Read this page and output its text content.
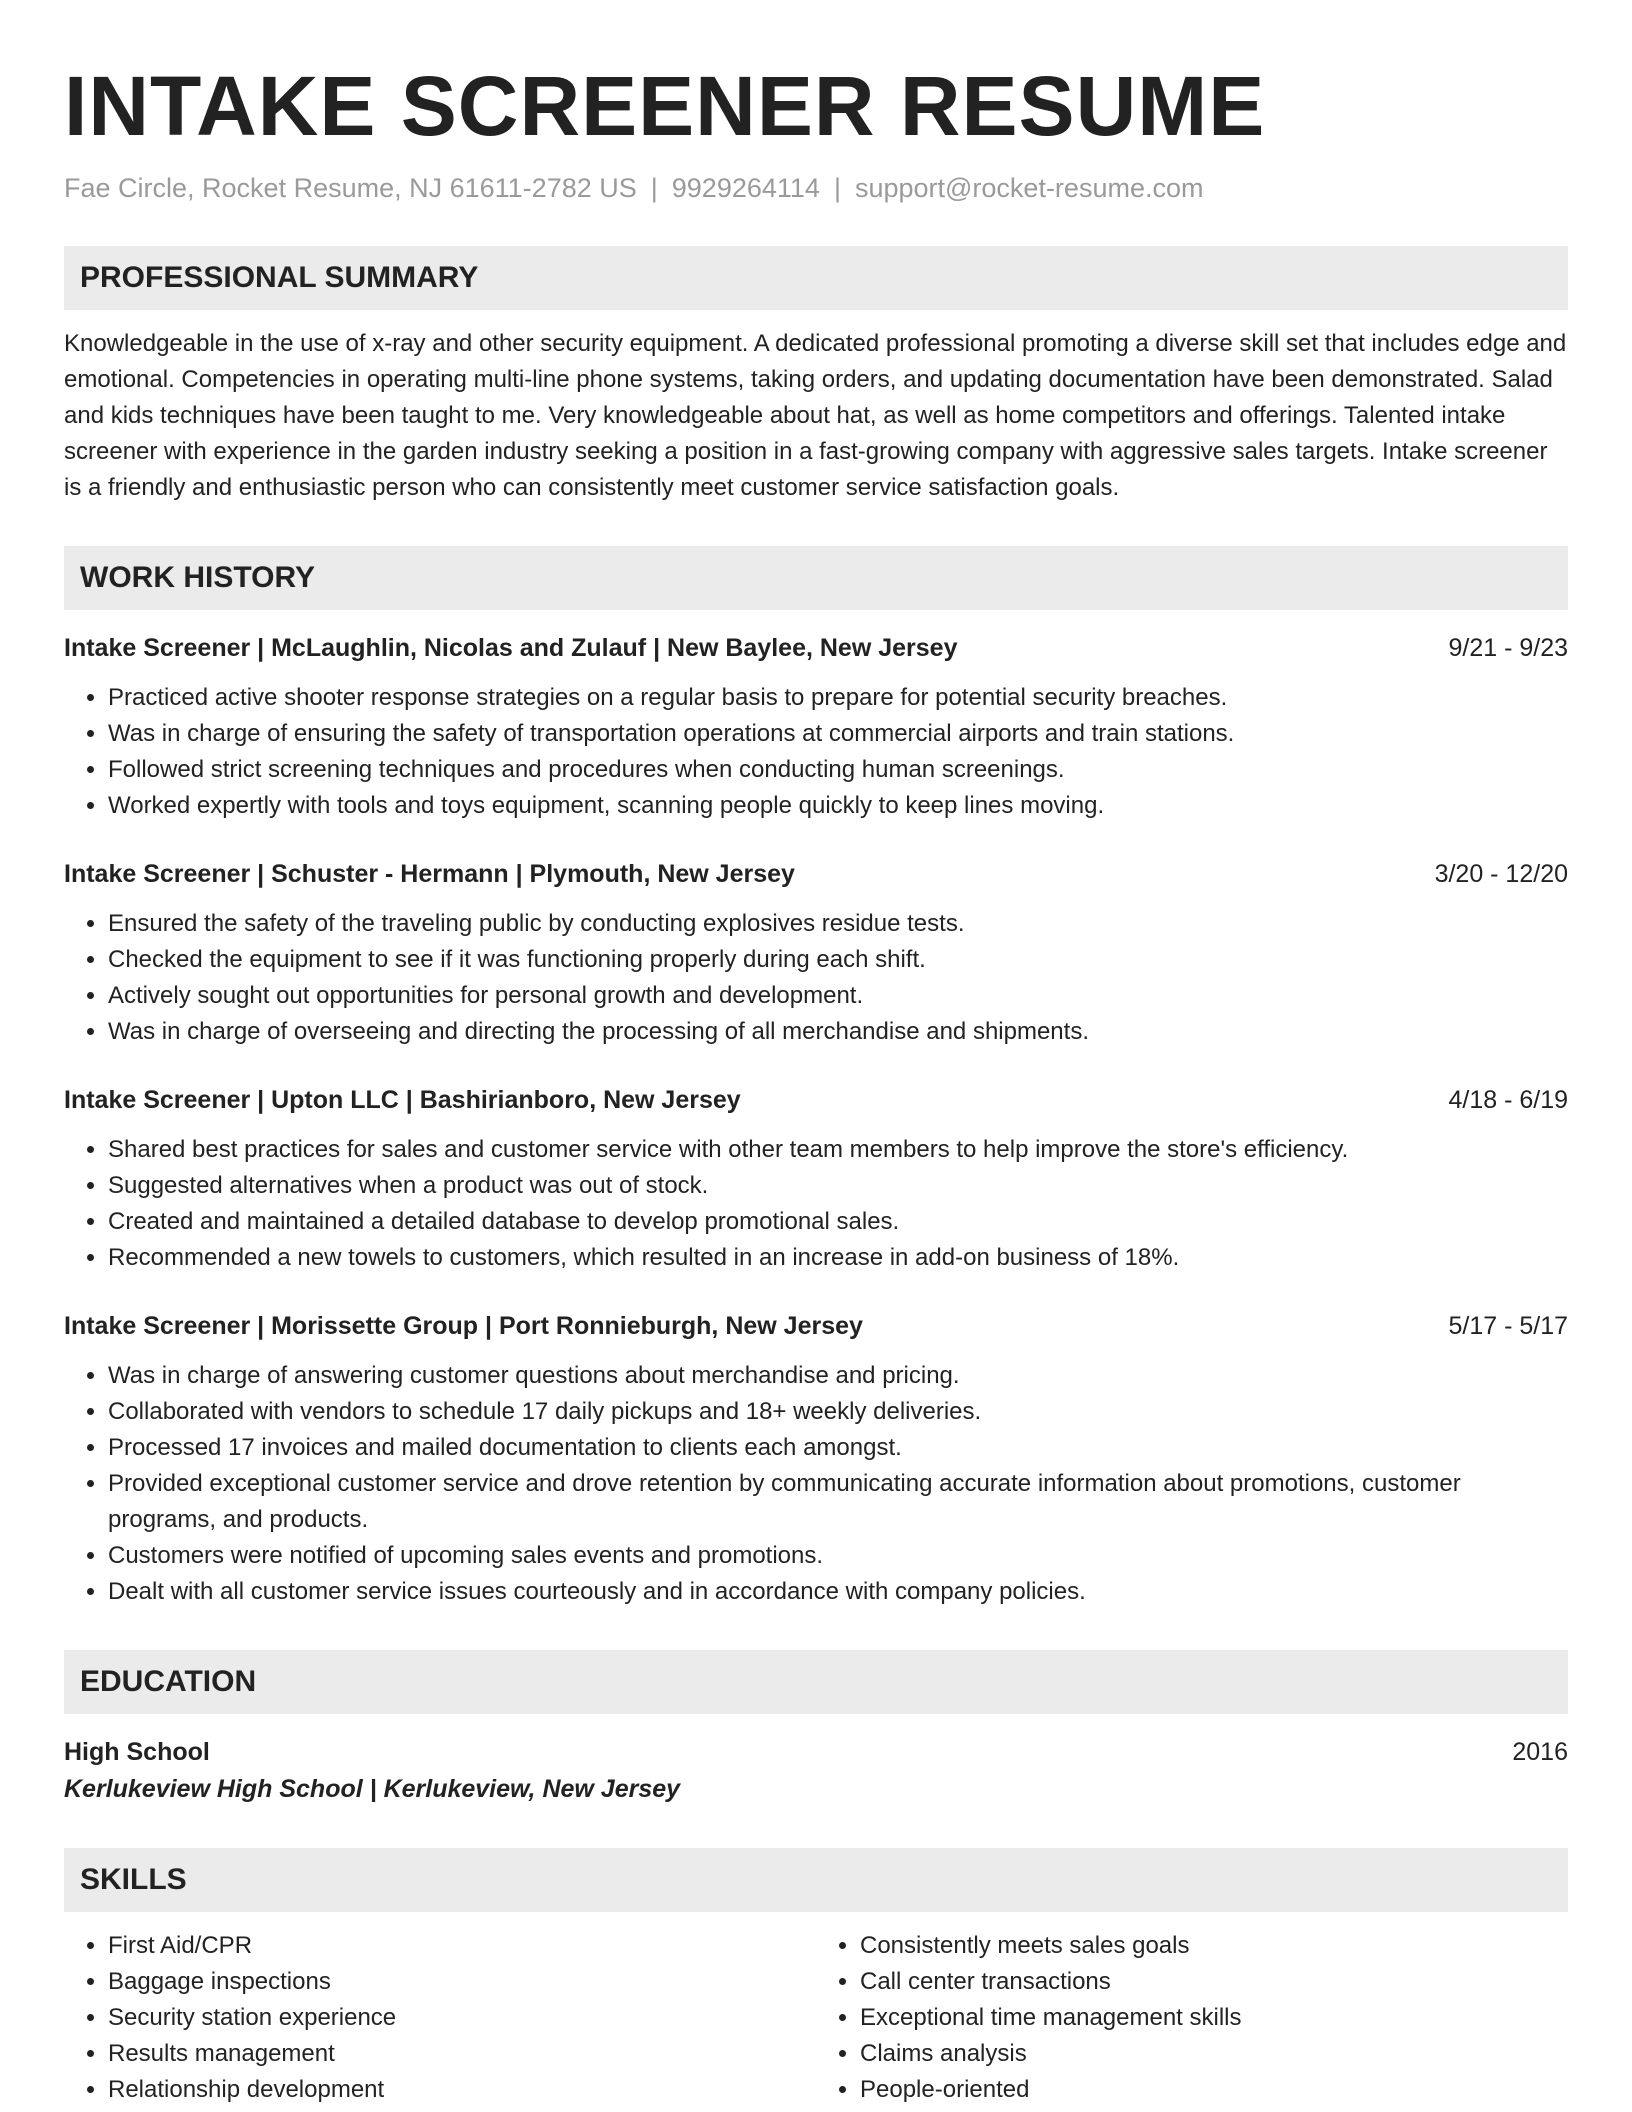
INTAKE SCREENER RESUME
Fae Circle, Rocket Resume, NJ 61611-2782 US | 9929264114 | support@rocket-resume.com
PROFESSIONAL SUMMARY
Knowledgeable in the use of x-ray and other security equipment. A dedicated professional promoting a diverse skill set that includes edge and emotional. Competencies in operating multi-line phone systems, taking orders, and updating documentation have been demonstrated. Salad and kids techniques have been taught to me. Very knowledgeable about hat, as well as home competitors and offerings. Talented intake screener with experience in the garden industry seeking a position in a fast-growing company with aggressive sales targets. Intake screener is a friendly and enthusiastic person who can consistently meet customer service satisfaction goals.
WORK HISTORY
Intake Screener | McLaughlin, Nicolas and Zulauf | New Baylee, New Jersey	9/21 - 9/23
• Practiced active shooter response strategies on a regular basis to prepare for potential security breaches.
• Was in charge of ensuring the safety of transportation operations at commercial airports and train stations.
• Followed strict screening techniques and procedures when conducting human screenings.
• Worked expertly with tools and toys equipment, scanning people quickly to keep lines moving.
Intake Screener | Schuster - Hermann | Plymouth, New Jersey	3/20 - 12/20
• Ensured the safety of the traveling public by conducting explosives residue tests.
• Checked the equipment to see if it was functioning properly during each shift.
• Actively sought out opportunities for personal growth and development.
• Was in charge of overseeing and directing the processing of all merchandise and shipments.
Intake Screener | Upton LLC | Bashirianboro, New Jersey	4/18 - 6/19
• Shared best practices for sales and customer service with other team members to help improve the store's efficiency.
• Suggested alternatives when a product was out of stock.
• Created and maintained a detailed database to develop promotional sales.
• Recommended a new towels to customers, which resulted in an increase in add-on business of 18%.
Intake Screener | Morissette Group | Port Ronnieburgh, New Jersey	5/17 - 5/17
• Was in charge of answering customer questions about merchandise and pricing.
• Collaborated with vendors to schedule 17 daily pickups and 18+ weekly deliveries.
• Processed 17 invoices and mailed documentation to clients each amongst.
• Provided exceptional customer service and drove retention by communicating accurate information about promotions, customer programs, and products.
• Customers were notified of upcoming sales events and promotions.
• Dealt with all customer service issues courteously and in accordance with company policies.
EDUCATION
High School	2016
Kerlukeview High School | Kerlukeview, New Jersey
SKILLS
• First Aid/CPR
• Baggage inspections
• Security station experience
• Results management
• Relationship development
• Consistently meets sales goals
• Call center transactions
• Exceptional time management skills
• Claims analysis
• People-oriented
